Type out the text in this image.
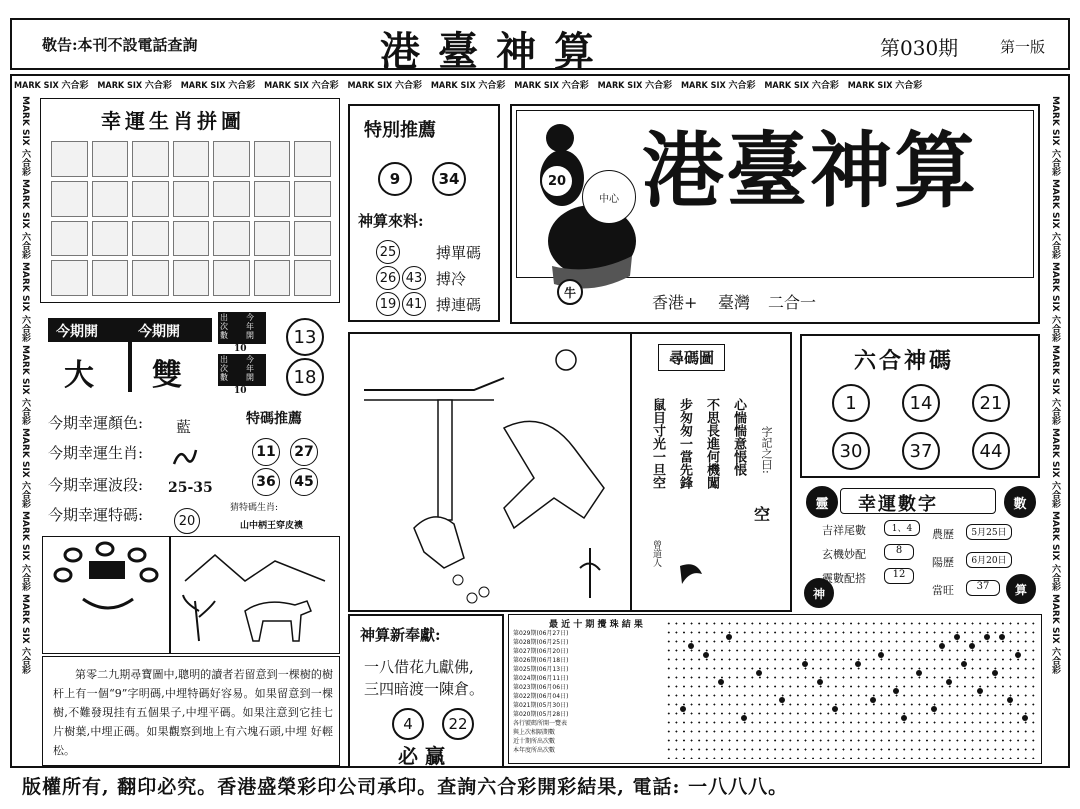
敬告:本刊不設電話查詢	港臺神算	第030期	第一版
MARK SIX 六合彩 MARK SIX 六合彩 MARK SIX 六合彩 MARK SIX 六合彩 MARK SIX 六合彩 MARK SIX 六合彩 MARK SIX 六合彩 MARK SIX 六合彩 MARK SIX 六合彩 MARK SIX 六合彩 MARK SIX 六合彩
MARK SIX 六合彩 MARK SIX 六合彩 MARK SIX 六合彩 MARK SIX 六合彩 MARK SIX 六合彩 MARK SIX 六合彩 MARK SIX 六合彩
MARK SIX 六合彩 MARK SIX 六合彩 MARK SIX 六合彩 MARK SIX 六合彩 MARK SIX 六合彩 MARK SIX 六合彩 MARK SIX 六合彩
幸運生肖拼圖	特別推薦
9	34
神算來料:
25	搏單碼
26 43 搏冷
19 41 搏連碼
20
中心
牛
港臺神算
香港+ 臺灣 二合一
今期開	今期開
大 雙
出次數
今年開
10
出次數
今年開
10
13
18
今期幸運顏色: 藍
今期幸運生肖:
今期幸運波段: 25-35
今期幸運特碼:	20
特碼推薦
11	27
36	45
猜特碼生肖:
山中柄王穿皮襖
尋碼圖
心惴惴意悵悵
不思長進何機闖
步匆匆一當先鋒
鼠目寸光一旦空	字記之曰:
空
曾道人
六合神碼
1	14	21
30	37	44
幸運數字
靈	數
神	算
吉祥尾數	1、4
玄機妙配	8
靈數配搭	12
農歷	5月25日
陽歷	6月20日
當旺	37
第零二九期尋寶圖中,聰明的讀者若留意到一棵樹的樹杆上有一個“9”字明碼,中埋特碼好容易。如果留意到一棵樹,不難發現挂有五個果子,中埋平碼。如果注意到它挂七片樹葉,中埋正碼。如果觀察到地上有六塊石頭,中埋 好輕松。
神算新奉獻:
一八借花九獻佛,
三四暗渡一陳倉。
4	22
必 贏
最 近 十 期 攪 珠 結 果
第029期(06月27日)
第028期(06月25日)
第027期(06月20日)
第026期(06月18日)
第025期(06月13日)
第024期(06月11日)
第023期(06月06日)
第022期(06月04日)
第021期(05月30日)
第020期(05月28日)
各行號碼所開一覽表
與上次相隔期數
近十期所出次數
本年度所出次數
版權所有, 翻印必究。香港盛榮彩印公司承印。查詢六合彩開彩結果, 電話: 一八八八。
